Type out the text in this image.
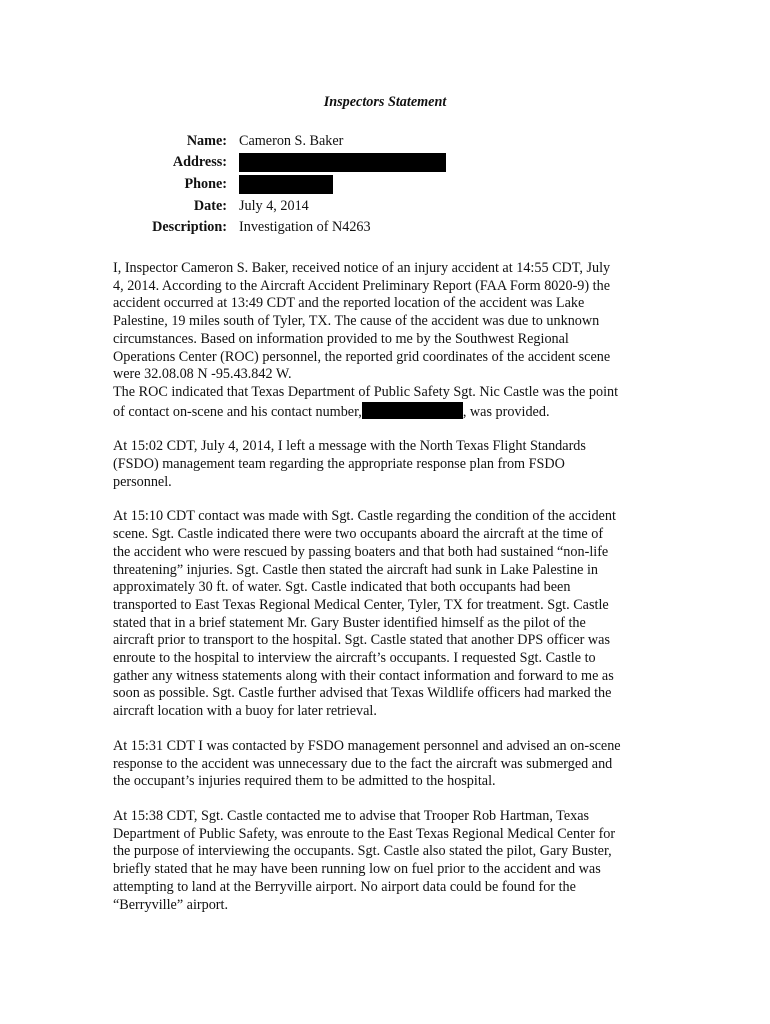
Inspectors Statement
Name: Cameron S. Baker
Address:
Phone:
Date: July 4, 2014
Description: Investigation of N4263
I, Inspector Cameron S. Baker, received notice of an injury accident at 14:55 CDT, July
4, 2014. According to the Aircraft Accident Preliminary Report (FAA Form 8020-9) the
accident occurred at 13:49 CDT and the reported location of the accident was Lake
Palestine, 19 miles south of Tyler, TX. The cause of the accident was due to unknown
circumstances. Based on information provided to me by the Southwest Regional
Operations Center (ROC) personnel, the reported grid coordinates of the accident scene
were 32.08.08 N -95.43.842 W.
The ROC indicated that Texas Department of Public Safety Sgt. Nic Castle was the point
of contact on-scene and his contact number,	, was provided.
At 15:02 CDT, July 4, 2014, I left a message with the North Texas Flight Standards
(FSDO) management team regarding the appropriate response plan from FSDO
personnel.
At 15:10 CDT contact was made with Sgt. Castle regarding the condition of the accident
scene. Sgt. Castle indicated there were two occupants aboard the aircraft at the time of
the accident who were rescued by passing boaters and that both had sustained “non-life
threatening” injuries. Sgt. Castle then stated the aircraft had sunk in Lake Palestine in
approximately 30 ft. of water. Sgt. Castle indicated that both occupants had been
transported to East Texas Regional Medical Center, Tyler, TX for treatment. Sgt. Castle
stated that in a brief statement Mr. Gary Buster identified himself as the pilot of the
aircraft prior to transport to the hospital. Sgt. Castle stated that another DPS officer was
enroute to the hospital to interview the aircraft’s occupants. I requested Sgt. Castle to
gather any witness statements along with their contact information and forward to me as
soon as possible. Sgt. Castle further advised that Texas Wildlife officers had marked the
aircraft location with a buoy for later retrieval.
At 15:31 CDT I was contacted by FSDO management personnel and advised an on-scene
response to the accident was unnecessary due to the fact the aircraft was submerged and
the occupant’s injuries required them to be admitted to the hospital.
At 15:38 CDT, Sgt. Castle contacted me to advise that Trooper Rob Hartman, Texas
Department of Public Safety, was enroute to the East Texas Regional Medical Center for
the purpose of interviewing the occupants. Sgt. Castle also stated the pilot, Gary Buster,
briefly stated that he may have been running low on fuel prior to the accident and was
attempting to land at the Berryville airport. No airport data could be found for the
“Berryville” airport.
